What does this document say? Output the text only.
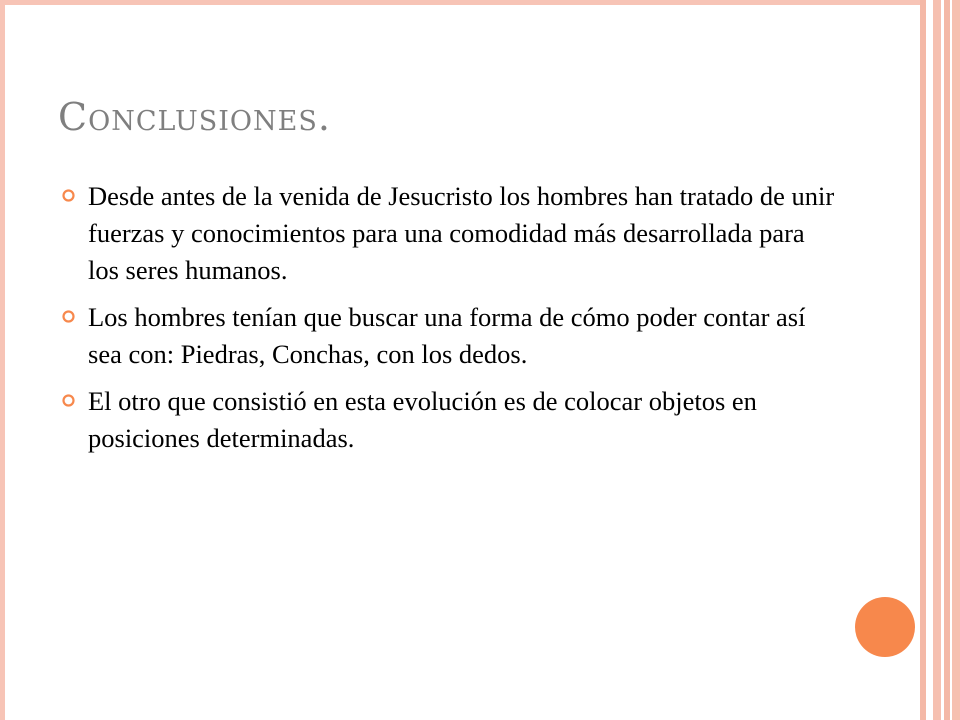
Conclusiones.
Desde antes de la venida de Jesucristo los hombres han tratado de unir fuerzas y conocimientos para una comodidad más desarrollada para los seres humanos.
Los hombres tenían que buscar una forma de cómo poder contar así sea con: Piedras, Conchas, con los dedos.
El otro que consistió en esta evolución es de colocar objetos en posiciones determinadas.
